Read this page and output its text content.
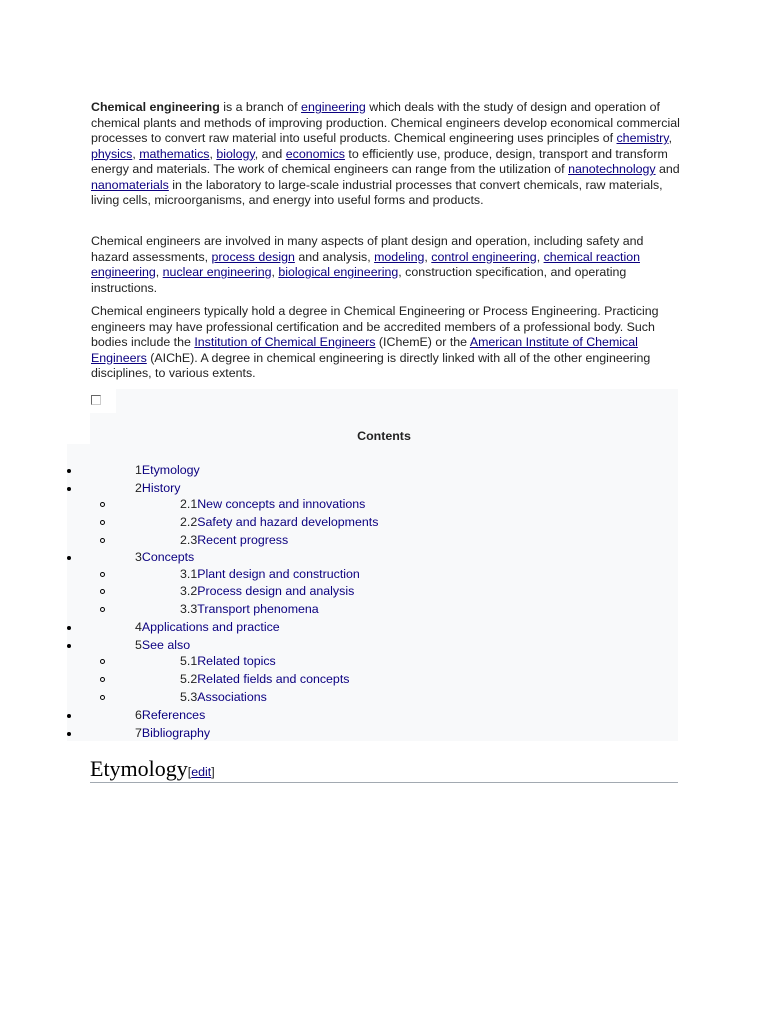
Chemical engineering is a branch of engineering which deals with the study of design and operation of chemical plants and methods of improving production. Chemical engineers develop economical commercial processes to convert raw material into useful products. Chemical engineering uses principles of chemistry, physics, mathematics, biology, and economics to efficiently use, produce, design, transport and transform energy and materials. The work of chemical engineers can range from the utilization of nanotechnology and nanomaterials in the laboratory to large-scale industrial processes that convert chemicals, raw materials, living cells, microorganisms, and energy into useful forms and products.

Chemical engineers are involved in many aspects of plant design and operation, including safety and hazard assessments, process design and analysis, modeling, control engineering, chemical reaction engineering, nuclear engineering, biological engineering, construction specification, and operating instructions.

Chemical engineers typically hold a degree in Chemical Engineering or Process Engineering. Practicing engineers may have professional certification and be accredited members of a professional body. Such bodies include the Institution of Chemical Engineers (IChemE) or the American Institute of Chemical Engineers (AIChE). A degree in chemical engineering is directly linked with all of the other engineering disciplines, to various extents.

Contents
1Etymology
2History
2.1New concepts and innovations
2.2Safety and hazard developments
2.3Recent progress
3Concepts
3.1Plant design and construction
3.2Process design and analysis
3.3Transport phenomena
4Applications and practice
5See also
5.1Related topics
5.2Related fields and concepts
5.3Associations
6References
7Bibliography
Etymology[edit]
